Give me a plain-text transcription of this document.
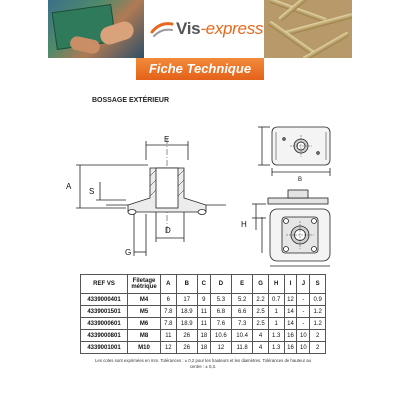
Vis-express
Fiche Technique
BOSSAGE EXTÉRIEUR
E
A
S
D
G
B
H
REF VS	Filetage métrique	A	B	C	D	E	G	H	I	J	S
4339000401	M4	6	17	9	5.3	5.2	2.2	0.7	12	-	0.9
4339001501	M5	7.8	18.9	11	6.8	6.6	2.5	1	14	-	1.2
4339000601	M6	7.8	18.9	11	7.6	7.3	2.5	1	14	-	1.2
4339000801	M8	11	26	18	10.6	10.4	4	1.3	16	10	2
4339001001	M10	12	26	18	12	11.8	4	1.3	16	10	2
Les cotes sont exprimées en mm. Tolérances : ± 0,2 pour les hauteurs et les diamètres. Tolérances de hauteur au centre : ± 0,3.
